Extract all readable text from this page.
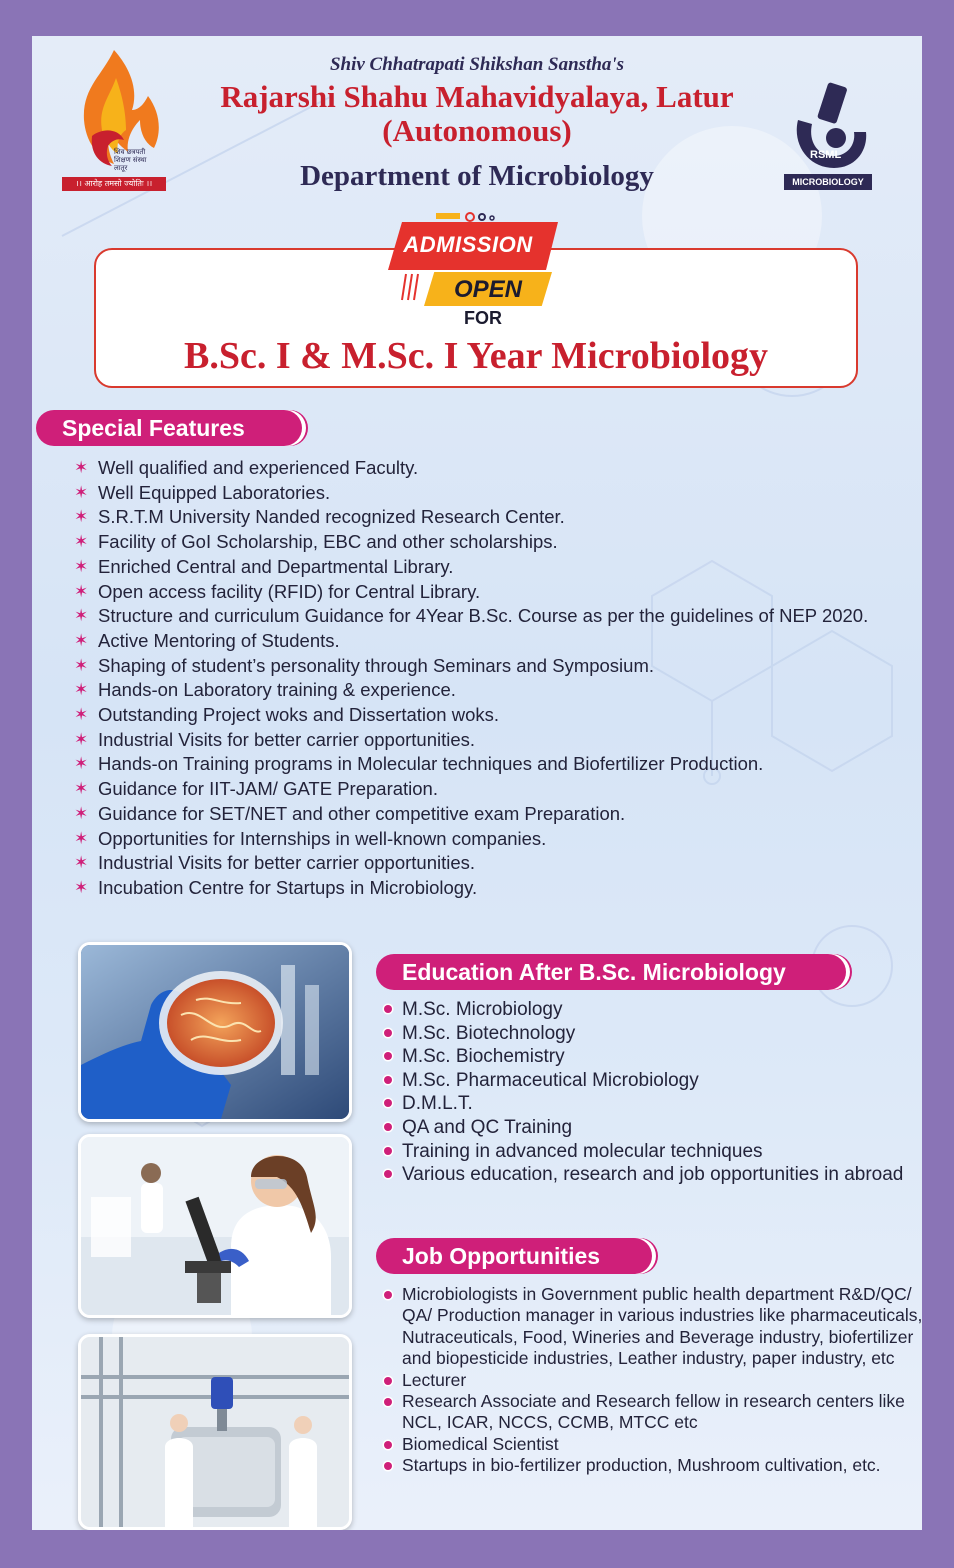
शिव छत्रपती
शिक्षण संस्था
लातूर
।। आरोह तमसो ज्योतिः ।।
Shiv Chhatrapati Shikshan Sanstha's
Rajarshi Shahu Mahavidyalaya, Latur
(Autonomous)
Department of Microbiology
RSML
MICROBIOLOGY
ADMISSION
OPEN
FOR
B.Sc. I & M.Sc. I Year Microbiology
Special Features
✶ Well qualified and experienced Faculty.
✶ Well Equipped Laboratories.
✶ S.R.T.M University Nanded recognized Research Center.
✶ Facility of GoI Scholarship, EBC and other scholarships.
✶ Enriched Central and Departmental Library.
✶ Open access facility (RFID) for Central Library.
✶ Structure and curriculum Guidance for 4Year B.Sc. Course as per the guidelines of NEP 2020.
✶ Active Mentoring of Students.
✶ Shaping of student’s personality through Seminars and Symposium.
✶ Hands-on Laboratory training & experience.
✶ Outstanding Project woks and Dissertation woks.
✶ Industrial Visits for better carrier opportunities.
✶ Hands-on Training programs in Molecular techniques and Biofertilizer Production.
✶ Guidance for IIT-JAM/ GATE Preparation.
✶ Guidance for SET/NET and other competitive exam Preparation.
✶ Opportunities for Internships in well-known companies.
✶ Industrial Visits for better carrier opportunities.
✶ Incubation Centre for Startups in Microbiology.
Education After B.Sc. Microbiology
M.Sc. Microbiology
M.Sc. Biotechnology
M.Sc. Biochemistry
M.Sc. Pharmaceutical Microbiology
D.M.L.T.
QA and QC Training
Training in advanced molecular techniques
Various education, research and job opportunities in abroad
Job Opportunities
Microbiologists in Government public health department R&D/QC/ QA/ Production manager in various industries like pharmaceuticals, Nutraceuticals, Food, Wineries and Beverage industry, biofertilizer and biopesticide industries, Leather industry, paper industry, etc
Lecturer
Research Associate and Research fellow in research centers like NCL, ICAR, NCCS, CCMB, MTCC etc
Biomedical Scientist
Startups in bio-fertilizer production, Mushroom cultivation, etc.
